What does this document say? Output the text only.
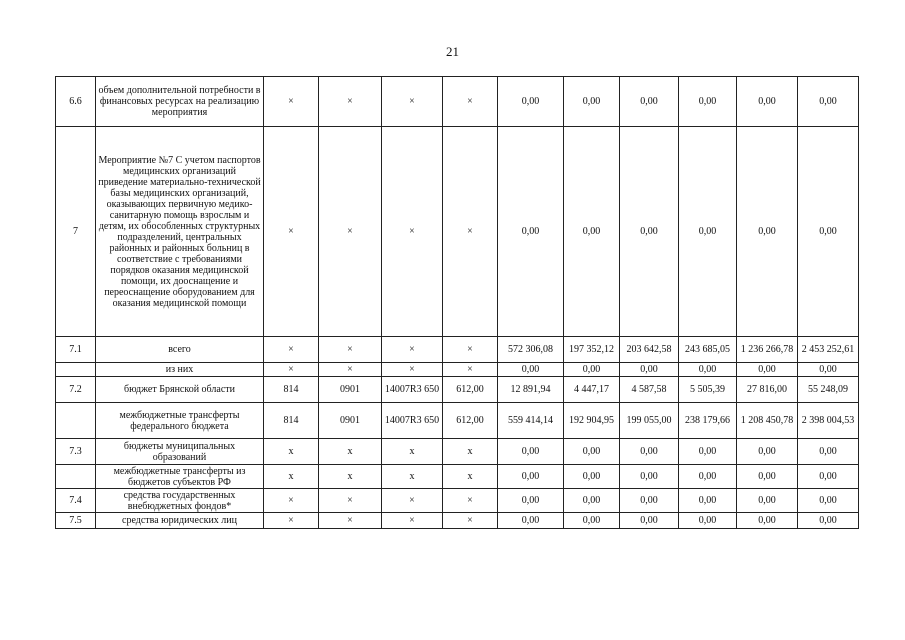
21
6.6	объем дополнительной потребности в финансовых ресурсах на реализацию мероприятия	×	×	×	×	0,00	0,00	0,00	0,00	0,00	0,00
7	Мероприятие №7 С учетом паспортов медицинских организаций приведение материально-технической базы медицинских организаций, оказывающих первичную медико-санитарную помощь взрослым и детям, их обособленных структурных подразделений, центральных районных и районных больниц в соответствие с требованиями порядков оказания медицинской помощи, их дооснащение и переоснащение оборудованием для оказания медицинской помощи	×	×	×	×	0,00	0,00	0,00	0,00	0,00	0,00
7.1	всего	×	×	×	×	572 306,08	197 352,12	203 642,58	243 685,05	1 236 266,78	2 453 252,61
	из них	×	×	×	×	0,00	0,00	0,00	0,00	0,00	0,00
7.2	бюджет Брянской области	814	0901	14007R3 650	612,00	12 891,94	4 447,17	4 587,58	5 505,39	27 816,00	55 248,09
	межбюджетные трансферты федерального бюджета	814	0901	14007R3 650	612,00	559 414,14	192 904,95	199 055,00	238 179,66	1 208 450,78	2 398 004,53
7.3	бюджеты муниципальных образований	x	x	x	x	0,00	0,00	0,00	0,00	0,00	0,00
	межбюджетные трансферты из бюджетов субъектов РФ	x	x	x	x	0,00	0,00	0,00	0,00	0,00	0,00
7.4	средства государственных внебюджетных фондов*	×	×	×	×	0,00	0,00	0,00	0,00	0,00	0,00
7.5	средства юридических лиц	×	×	×	×	0,00	0,00	0,00	0,00	0,00	0,00
